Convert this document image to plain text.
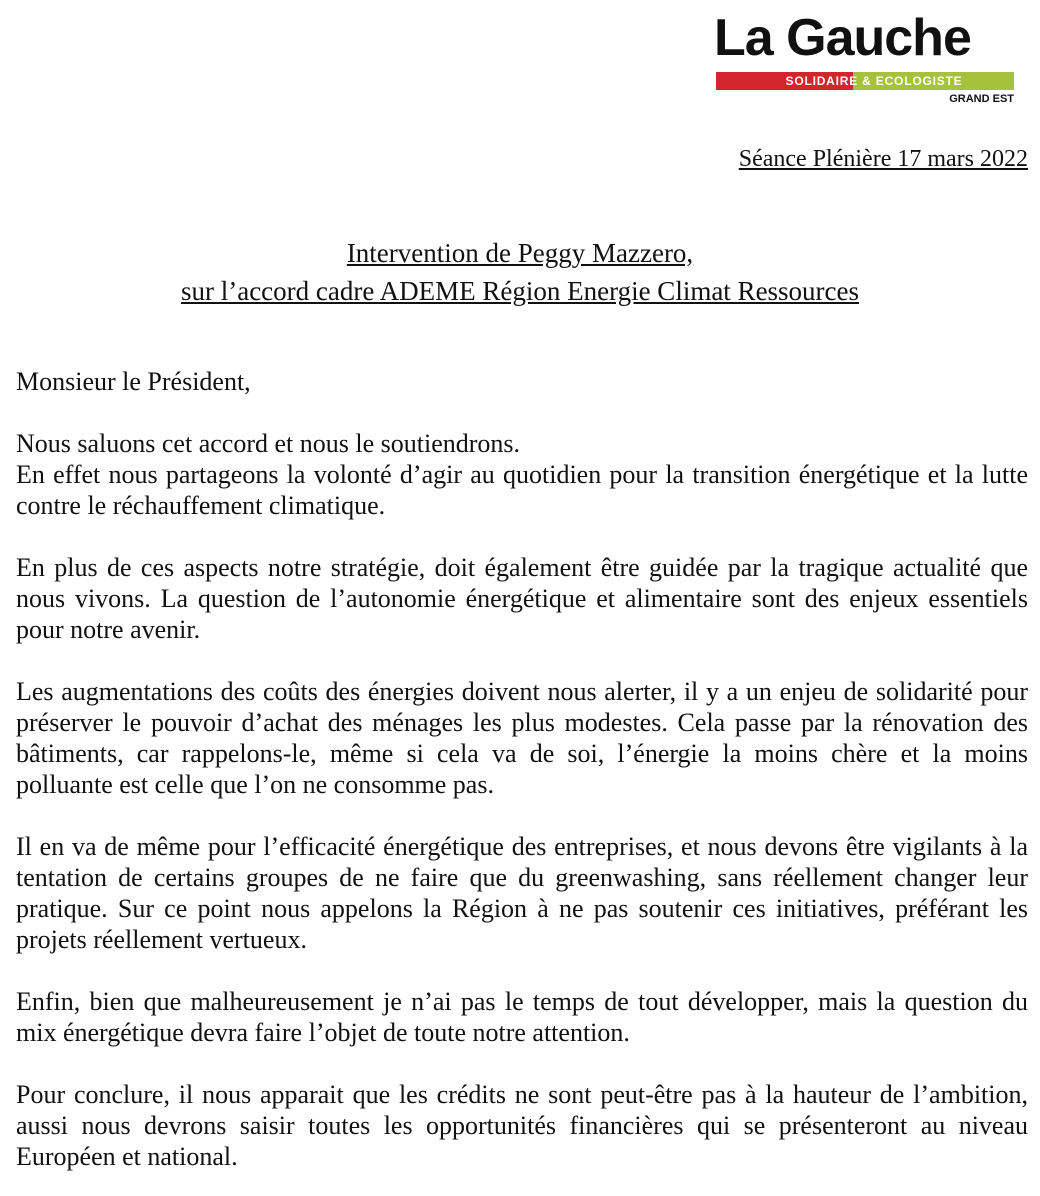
La Gauche
SOLIDAIRE & ECOLOGISTE
GRAND EST
Séance Plénière 17 mars 2022
Intervention de Peggy Mazzero,
sur l’accord cadre ADEME Région Energie Climat Ressources

Monsieur le Président,

Nous saluons cet accord et nous le soutiendrons.
En effet nous partageons la volonté d’agir au quotidien pour la transition énergétique et la lutte contre le réchauffement climatique.

En plus de ces aspects notre stratégie, doit également être guidée par la tragique actualité que nous vivons. La question de l’autonomie énergétique et alimentaire sont des enjeux essentiels pour notre avenir.

Les augmentations des coûts des énergies doivent nous alerter, il y a un enjeu de solidarité pour préserver le pouvoir d’achat des ménages les plus modestes. Cela passe par la rénovation des bâtiments, car rappelons-le, même si cela va de soi, l’énergie la moins chère et la moins polluante est celle que l’on ne consomme pas.

Il en va de même pour l’efficacité énergétique des entreprises, et nous devons être vigilants à la tentation de certains groupes de ne faire que du greenwashing, sans réellement changer leur pratique. Sur ce point nous appelons la Région à ne pas soutenir ces initiatives, préférant les projets réellement vertueux.

Enfin, bien que malheureusement je n’ai pas le temps de tout développer, mais la question du mix énergétique devra faire l’objet de toute notre attention.

Pour conclure, il nous apparait que les crédits ne sont peut-être pas à la hauteur de l’ambition, aussi nous devrons saisir toutes les opportunités financières qui se présenteront au niveau Européen et national.
